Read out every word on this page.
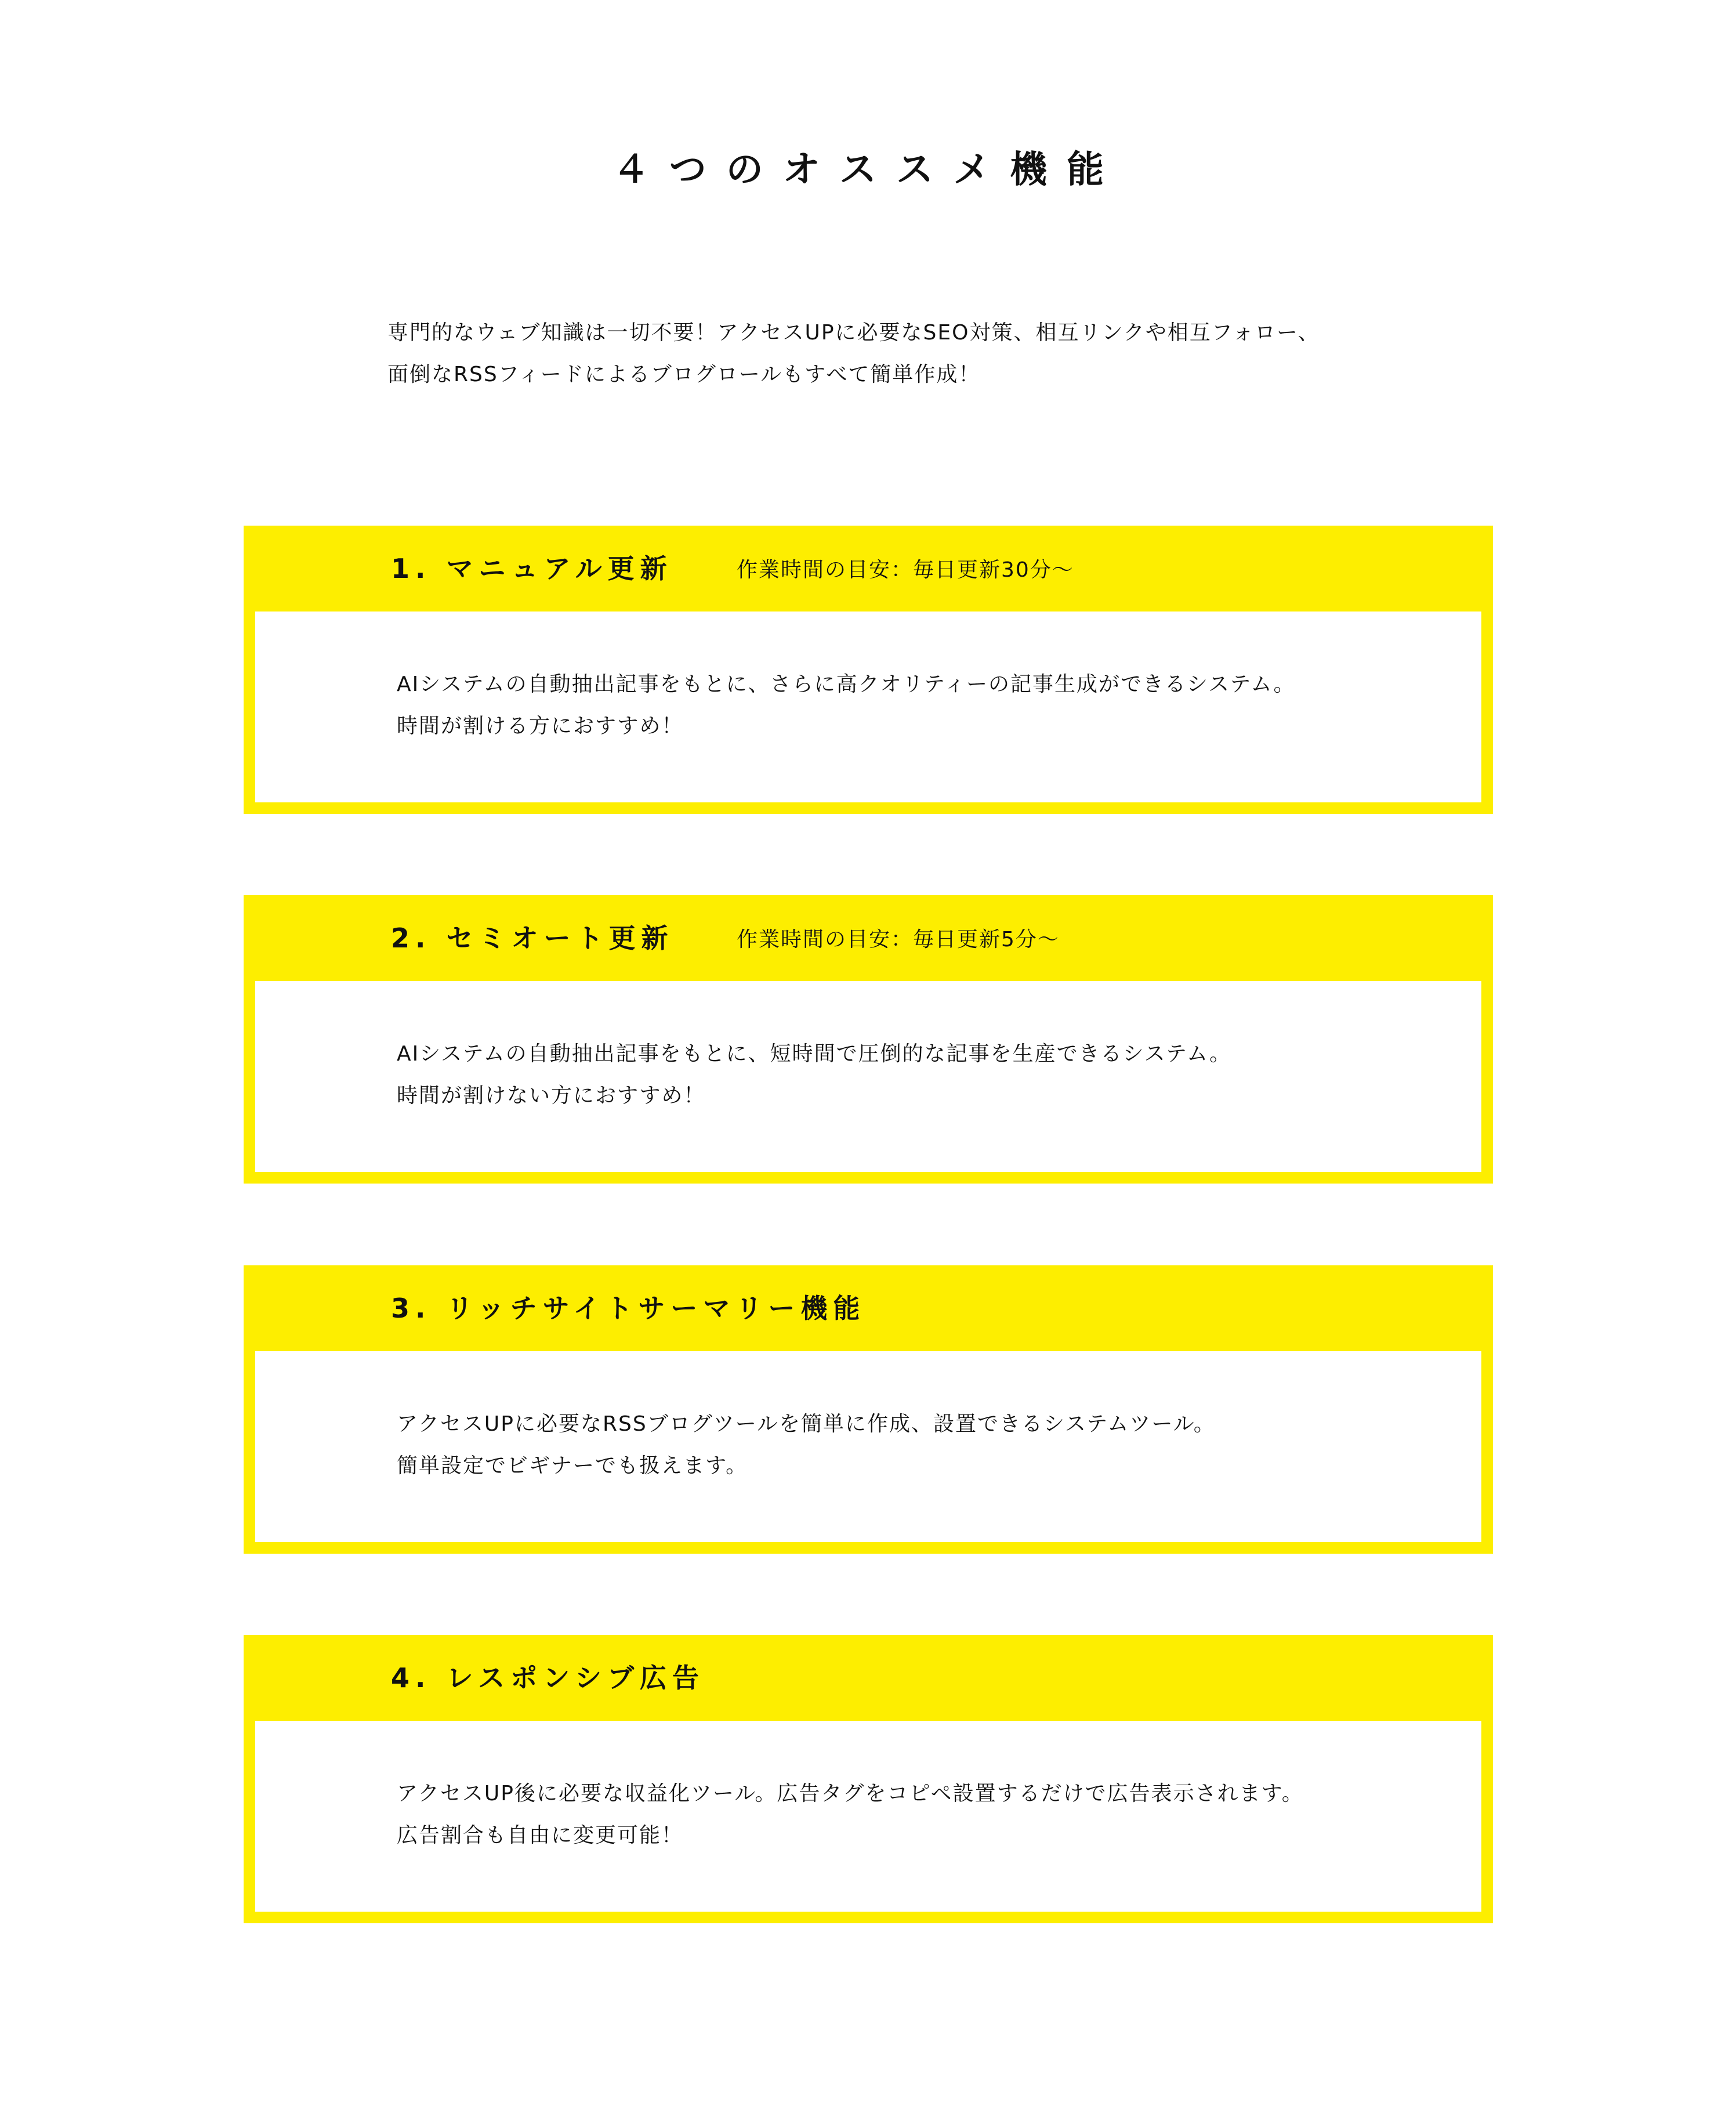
４つのオススメ機能

専門的なウェブ知識は一切不要！アクセスUPに必要なSEO対策、相互リンクや相互フォロー、

面倒なRSSフィードによるブログロールもすべて簡単作成！

1. マニュアル更新	作業時間の目安：毎日更新30分～

AIシステムの自動抽出記事をもとに、さらに高クオリティーの記事生成ができるシステム。

時間が割ける方におすすめ！

2. セミオート更新	作業時間の目安：毎日更新5分～

AIシステムの自動抽出記事をもとに、短時間で圧倒的な記事を生産できるシステム。

時間が割けない方におすすめ！

3. リッチサイトサーマリー機能

アクセスUPに必要なRSSブログツールを簡単に作成、設置できるシステムツール。

簡単設定でビギナーでも扱えます。

4. レスポンシブ広告

アクセスUP後に必要な収益化ツール。広告タグをコピペ設置するだけで広告表示されます。

広告割合も自由に変更可能！
